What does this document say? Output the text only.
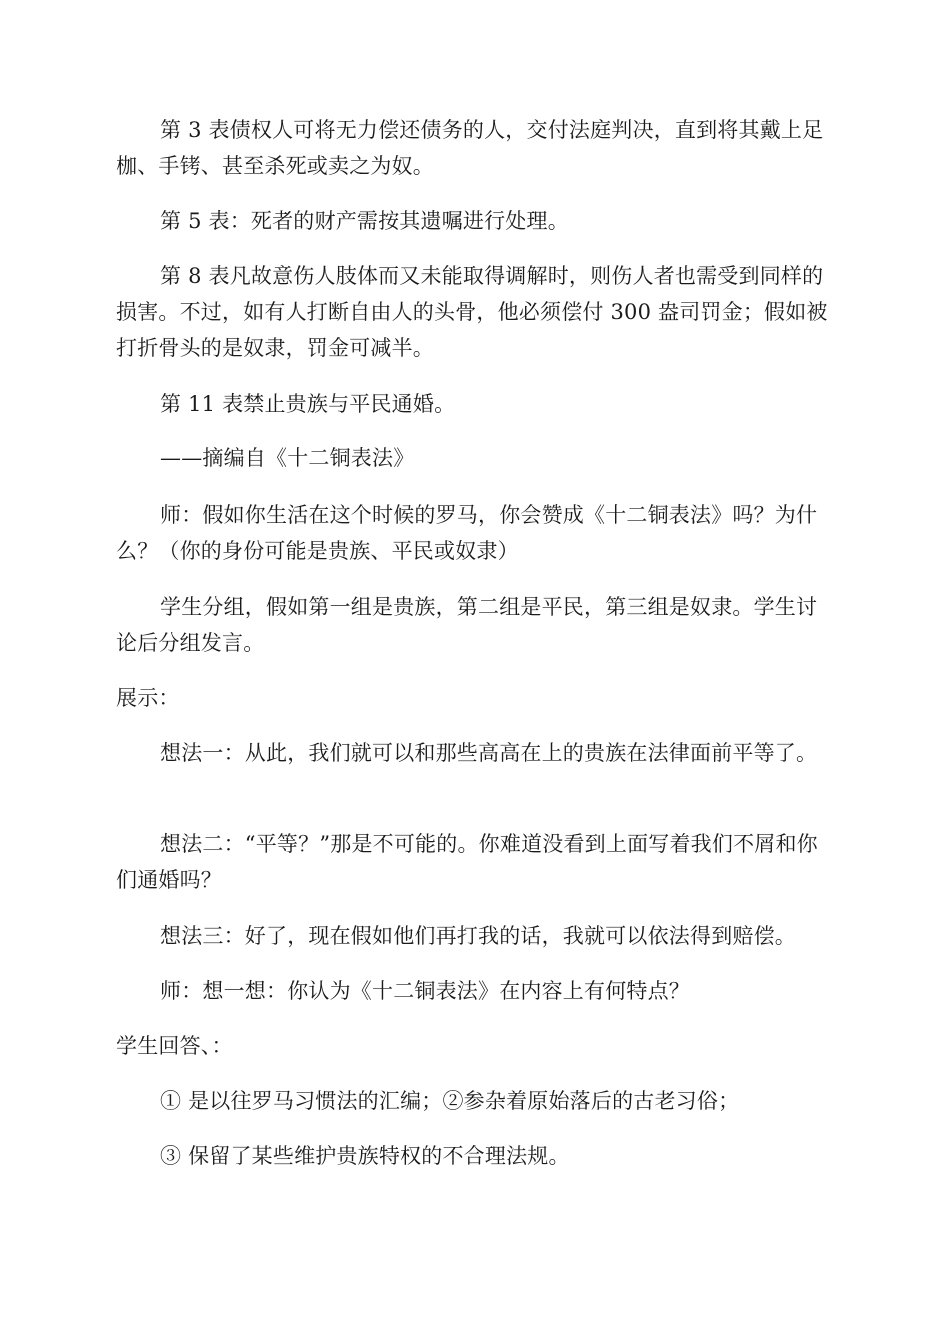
第 3 表债权人可将无力偿还债务的人，交付法庭判决，直到将其戴上足枷、手铐、甚至杀死或卖之为奴。

第 5 表：死者的财产需按其遗嘱进行处理。

第 8 表凡故意伤人肢体而又未能取得调解时，则伤人者也需受到同样的损害。不过，如有人打断自由人的头骨，他必须偿付 300 盎司罚金；假如被打折骨头的是奴隶，罚金可减半。

第 11 表禁止贵族与平民通婚。

——摘编自《十二铜表法》

师：假如你生活在这个时候的罗马，你会赞成《十二铜表法》吗？为什么？（你的身份可能是贵族、平民或奴隶）

学生分组，假如第一组是贵族，第二组是平民，第三组是奴隶。学生讨论后分组发言。

展示：

想法一：从此，我们就可以和那些高高在上的贵族在法律面前平等了。

想法二：“平等？”那是不可能的。你难道没看到上面写着我们不屑和你们通婚吗？

想法三：好了，现在假如他们再打我的话，我就可以依法得到赔偿。

师：想一想：你认为《十二铜表法》在内容上有何特点？

学生回答、：

① 是以往罗马习惯法的汇编；②参杂着原始落后的古老习俗；

③ 保留了某些维护贵族特权的不合理法规。
